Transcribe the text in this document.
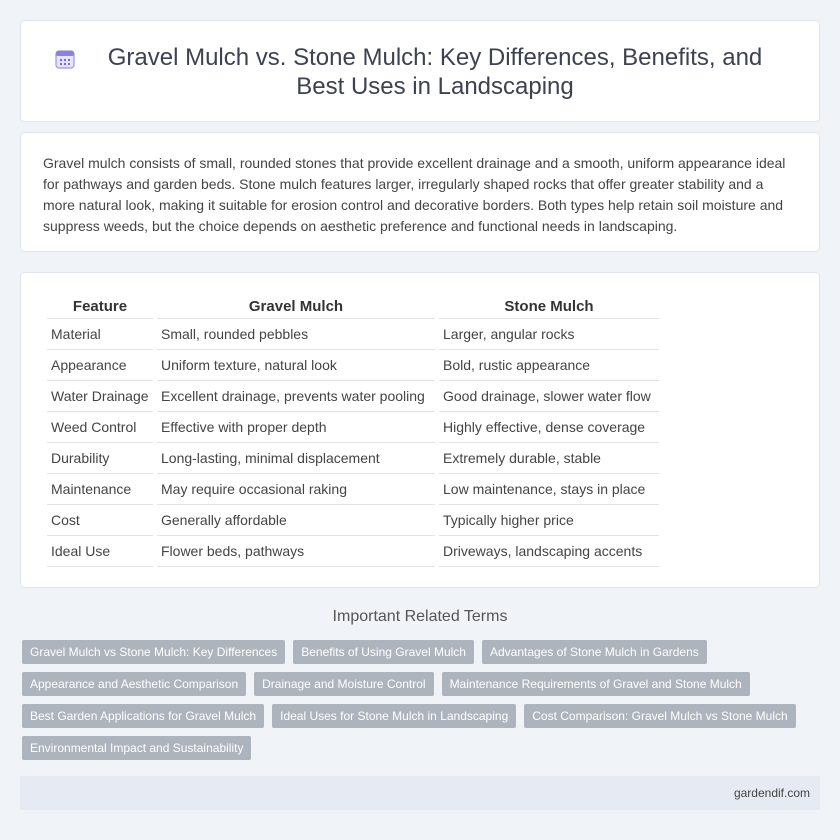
Gravel Mulch vs. Stone Mulch: Key Differences, Benefits, and Best Uses in Landscaping

Gravel mulch consists of small, rounded stones that provide excellent drainage and a smooth, uniform appearance ideal for pathways and garden beds. Stone mulch features larger, irregularly shaped rocks that offer greater stability and a more natural look, making it suitable for erosion control and decorative borders. Both types help retain soil moisture and suppress weeds, but the choice depends on aesthetic preference and functional needs in landscaping.

Feature	Gravel Mulch	Stone Mulch
Material	Small, rounded pebbles	Larger, angular rocks
Appearance	Uniform texture, natural look	Bold, rustic appearance
Water Drainage	Excellent drainage, prevents water pooling	Good drainage, slower water flow
Weed Control	Effective with proper depth	Highly effective, dense coverage
Durability	Long-lasting, minimal displacement	Extremely durable, stable
Maintenance	May require occasional raking	Low maintenance, stays in place
Cost	Generally affordable	Typically higher price
Ideal Use	Flower beds, pathways	Driveways, landscaping accents
Important Related Terms
Gravel Mulch vs Stone Mulch: Key Differences	Benefits of Using Gravel Mulch	Advantages of Stone Mulch in Gardens
Appearance and Aesthetic Comparison	Drainage and Moisture Control	Maintenance Requirements of Gravel and Stone Mulch
Best Garden Applications for Gravel Mulch	Ideal Uses for Stone Mulch in Landscaping	Cost Comparison: Gravel Mulch vs Stone Mulch
Environmental Impact and Sustainability
gardendif.com
